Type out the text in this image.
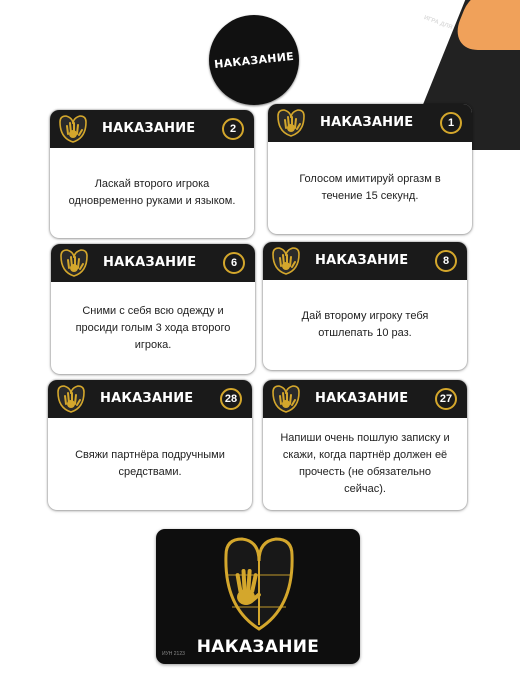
ИГРА ДЛЯ
НАКАЗАНИЕ
НАКАЗАНИЕ	2
Ласкай второго игрока одновременно руками и языком.
НАКАЗАНИЕ	1
Голосом имитируй оргазм в течение 15 секунд.
НАКАЗАНИЕ	6
Сними с себя всю одежду и просиди голым 3 хода второго игрока.
НАКАЗАНИЕ	8
Дай второму игроку тебя отшлепать 10 раз.
НАКАЗАНИЕ	28
Свяжи партнёра подручными средствами.
НАКАЗАНИЕ	27
Напиши очень пошлую записку и скажи, когда партнёр должен её прочесть (не обязательно сейчас).
НАКАЗАНИЕ
ИУН 2123
